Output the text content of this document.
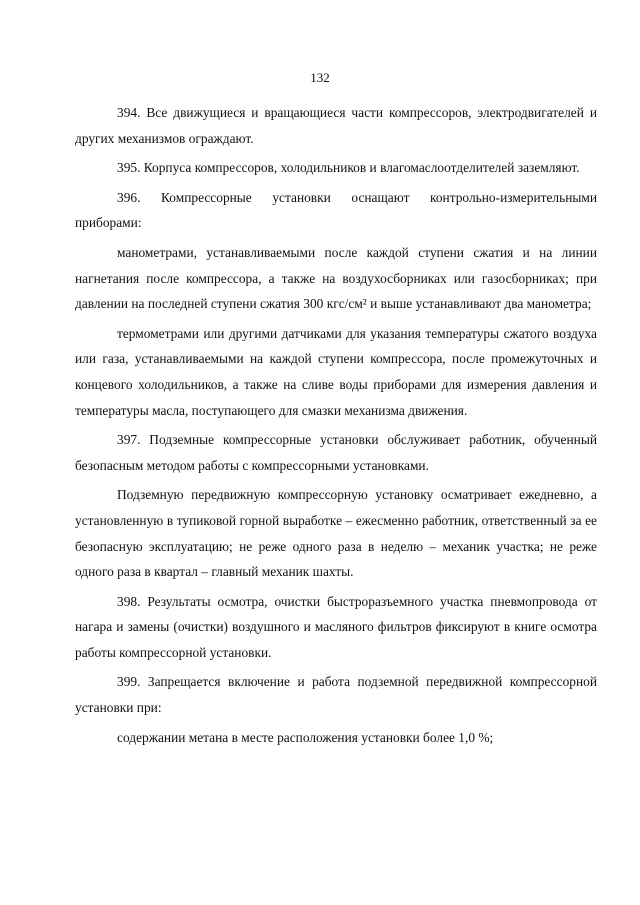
132

394. Все движущиеся и вращающиеся части компрессоров, электродвигателей и других механизмов ограждают.

395. Корпуса компрессоров, холодильников и влагомаслоотделителей заземляют.

396. Компрессорные установки оснащают контрольно-измерительными приборами:

манометрами, устанавливаемыми после каждой ступени сжатия и на линии нагнетания после компрессора, а также на воздухосборниках или газосборниках; при давлении на последней ступени сжатия 300 кгс/см² и выше устанавливают два манометра;

термометрами или другими датчиками для указания температуры сжатого воздуха или газа, устанавливаемыми на каждой ступени компрессора, после промежуточных и концевого холодильников, а также на сливе воды приборами для измерения давления и температуры масла, поступающего для смазки механизма движения.

397. Подземные компрессорные установки обслуживает работник, обученный безопасным методом работы с компрессорными установками.

Подземную передвижную компрессорную установку осматривает ежедневно, а установленную в тупиковой горной выработке – ежесменно работник, ответственный за ее безопасную эксплуатацию; не реже одного раза в неделю – механик участка; не реже одного раза в квартал – главный механик шахты.

398. Результаты осмотра, очистки быстроразъемного участка пневмопровода от нагара и замены (очистки) воздушного и масляного фильтров фиксируют в книге осмотра работы компрессорной установки.

399. Запрещается включение и работа подземной передвижной компрессорной установки при:

содержании метана в месте расположения установки более 1,0 %;
